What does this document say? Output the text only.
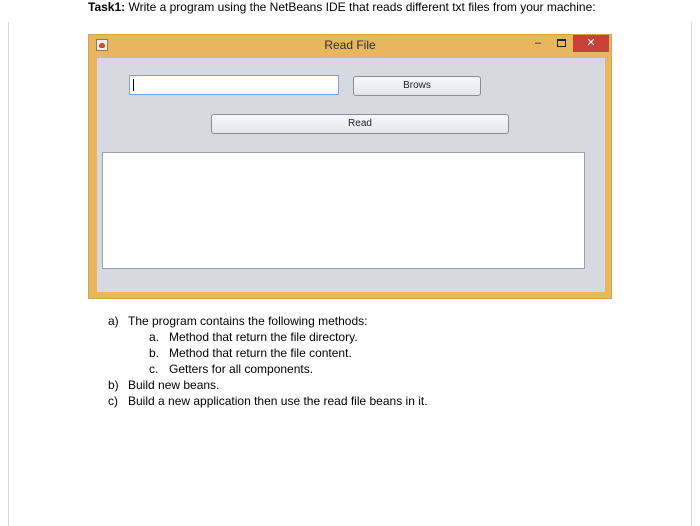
Task1: Write a program using the NetBeans IDE that reads different txt files from your machine:
Read File	–	✕
Brows
Read
a) The program contains the following methods:
a. Method that return the file directory.
b. Method that return the file content.
c. Getters for all components.
b) Build new beans.
c) Build a new application then use the read file beans in it.
